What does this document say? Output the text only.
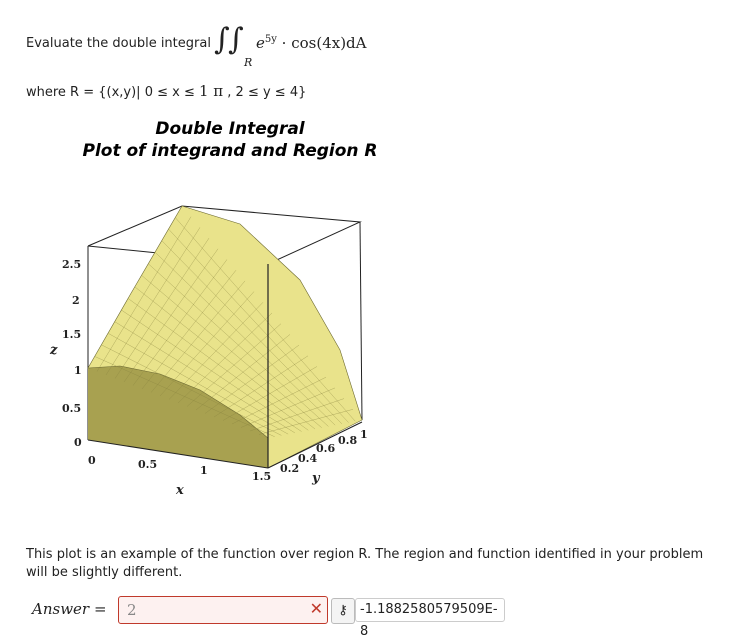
Evaluate the double integral ∫
∫
R
$e^{5y} \cdot \cos(4x)dA$
where R = {(x,y)| 0 ≤ x ≤ 1 π , 2 ≤ y ≤ 4}
Double Integral
Plot of integrand and Region R
2.5
2
1.5
1
0.5
0
z
0	0.5	1	1.5
x
0.2
0.4
0.6
0.8 1
y
This plot is an example of the function over region R. The region and function identified in your problem will be slightly different.
Answer = 2	✕	⚷ -1.1882580579509E-8
